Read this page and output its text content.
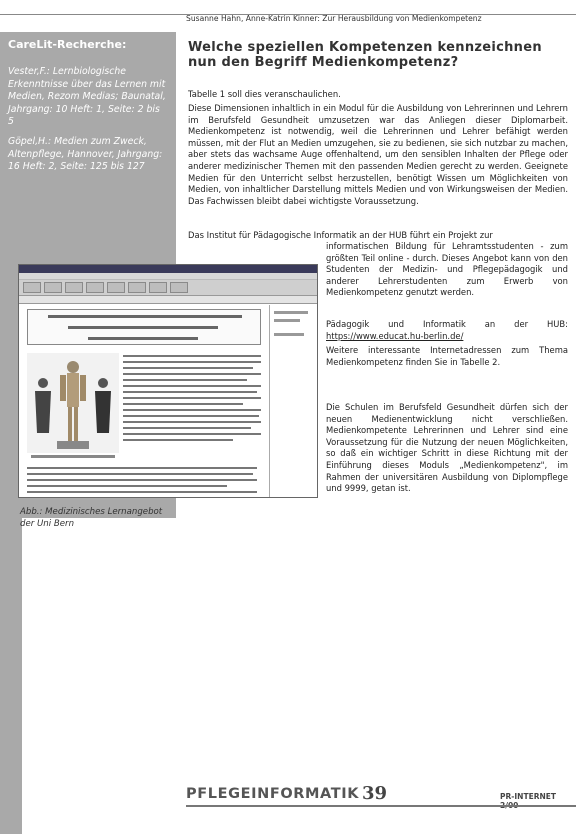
Susanne Hahn, Anne-Katrin Kinner: Zur Herausbildung von Medienkompetenz
CareLit-Recherche:
Vester,F.: Lernbiologische Erkenntnisse über das Lernen mit Medien, Rezom Medias; Baunatal, Jahrgang: 10 Heft: 1, Seite: 2 bis 5
Göpel,H.: Medien zum Zweck, Altenpflege, Hannover, Jahrgang: 16 Heft: 2, Seite: 125 bis 127
Welche speziellen Kompetenzen kennzeichnen nun den Begriff Medienkompetenz?

Tabelle 1 soll dies veranschaulichen.

Diese Dimensionen inhaltlich in ein Modul für die Ausbildung von Lehrerinnen und Lehrern im Berufsfeld Gesundheit umzusetzen war das Anliegen dieser Diplomarbeit. Medienkompetenz ist notwendig, weil die Lehrerinnen und Lehrer befähigt werden müssen, mit der Flut an Medien umzugehen, sie zu bedienen, sie sich nutzbar zu machen, aber stets das wachsame Auge offenhaltend, um den sensiblen Inhalten der Pflege oder anderer medizinischer Themen mit den passenden Medien gerecht zu werden. Geeignete Medien für den Unterricht selbst herzustellen, benötigt Wissen um Möglichkeiten von Medien, von inhaltlicher Darstellung mittels Medien und von Wirkungsweisen der Medien. Das Fachwissen bleibt dabei wichtigste Voraussetzung.

Das Institut für Pädagogische Informatik an der HUB führt ein Projekt zur

informatischen Bildung für Lehramtsstudenten - zum größten Teil online - durch. Dieses Angebot kann von den Studenten der Medizin- und Pflegepädagogik und anderer Lehrerstudenten zum Erwerb von Medienkompetenz genutzt werden.

Pädagogik und Informatik an der HUB: https://www.educat.hu-berlin.de/

Weitere interessante Internetadressen zum Thema Medienkompetenz finden Sie in Tabelle 2.

Die Schulen im Berufsfeld Gesundheit dürfen sich der neuen Medienentwicklung nicht verschließen. Medienkompetente Lehrerinnen und Lehrer sind eine Voraussetzung für die Nutzung der neuen Möglichkeiten, so daß ein wichtiger Schritt in diese Richtung mit der Einführung dieses Moduls „Medienkompetenz", im Rahmen der universitären Ausbildung von Diplompflege und 9999, getan ist.

Abb.: Medizinisches Lernangebot der Uni Bern
PFLEGEINFORMATIK 39	PR-INTERNET
